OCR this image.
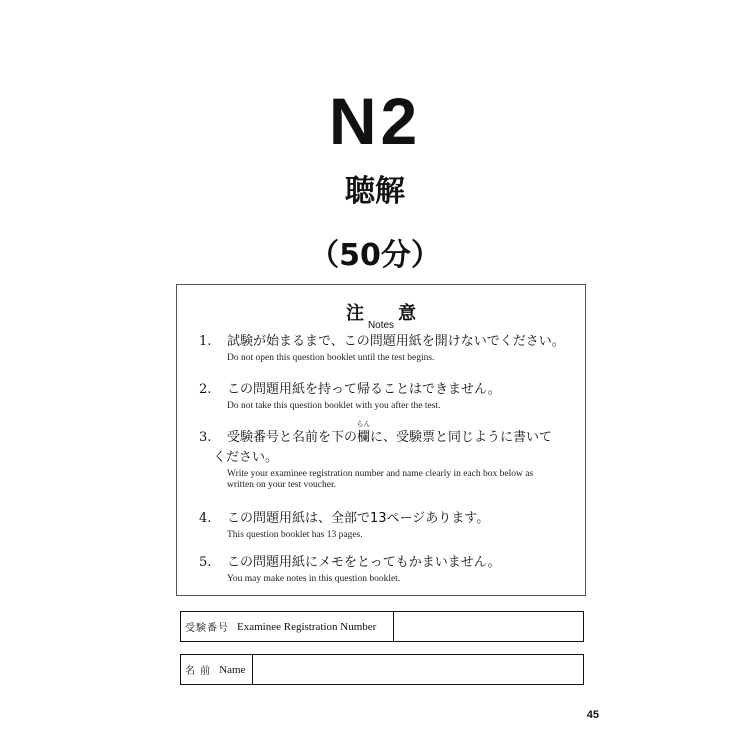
N2
聴解
（50分）
注$_{Notes}$意
1. 試験が始まるまで、この問題用紙を開けないでください。
Do not open this question booklet until the test begins.
2. この問題用紙を持って帰ることはできません。
Do not take this question booklet with you after the test.
3. 受験番号と名前を下の欄
らん
に、受験票と同じように書いて
ください。
Write your examinee registration number and name clearly in each box below as
written on your test voucher.
4. この問題用紙は、全部で13ページあります。
This question booklet has 13 pages.
5. この問題用紙にメモをとってもかまいません。
You may make notes in this question booklet.
受験番号 Examinee Registration Number
名 前 Name
45
